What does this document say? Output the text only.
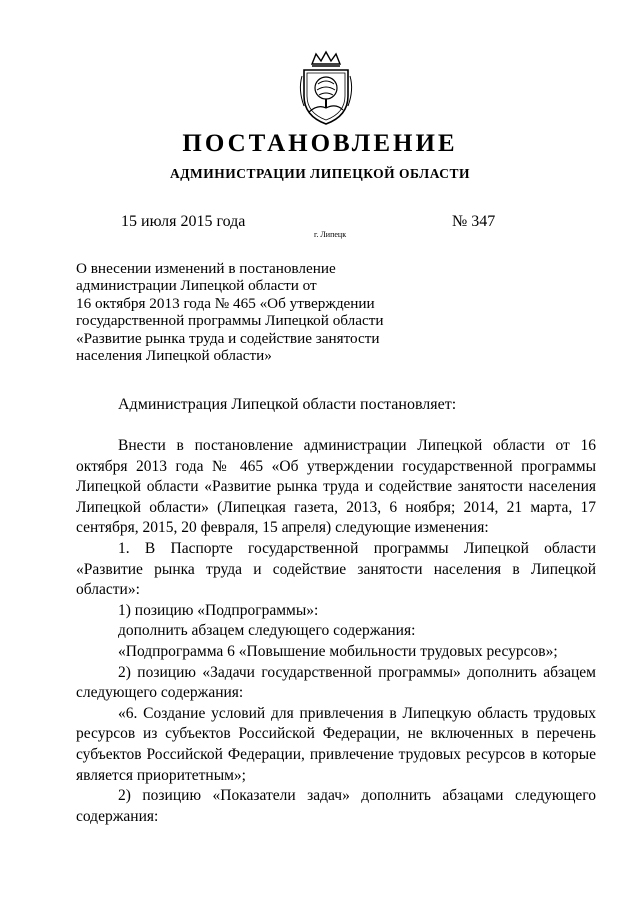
ПОСТАНОВЛЕНИЕ
АДМИНИСТРАЦИИ ЛИПЕЦКОЙ ОБЛАСТИ
15 июля 2015 года
г. Липецк
№ 347
О внесении изменений в постановление
администрации Липецкой области от
16 октября 2013 года № 465 «Об утверждении
государственной программы Липецкой области
«Развитие рынка труда и содействие занятости
населения Липецкой области»
Администрация Липецкой области постановляет:

Внести в постановление администрации Липецкой области от 16 октября 2013 года № 465 «Об утверждении государственной программы Липецкой области «Развитие рынка труда и содействие занятости населения Липецкой области» (Липецкая газета, 2013, 6 ноября; 2014, 21 марта, 17 сентября, 2015, 20 февраля, 15 апреля) следующие изменения:

1. В Паспорте государственной программы Липецкой области «Развитие рынка труда и содействие занятости населения в Липецкой области»:

1) позицию «Подпрограммы»:

дополнить абзацем следующего содержания:

«Подпрограмма 6 «Повышение мобильности трудовых ресурсов»;

2) позицию «Задачи государственной программы» дополнить абзацем следующего содержания:

«6. Создание условий для привлечения в Липецкую область трудовых ресурсов из субъектов Российской Федерации, не включенных в перечень субъектов Российской Федерации, привлечение трудовых ресурсов в которые является приоритетным»;

2) позицию «Показатели задач» дополнить абзацами следующего содержания:
